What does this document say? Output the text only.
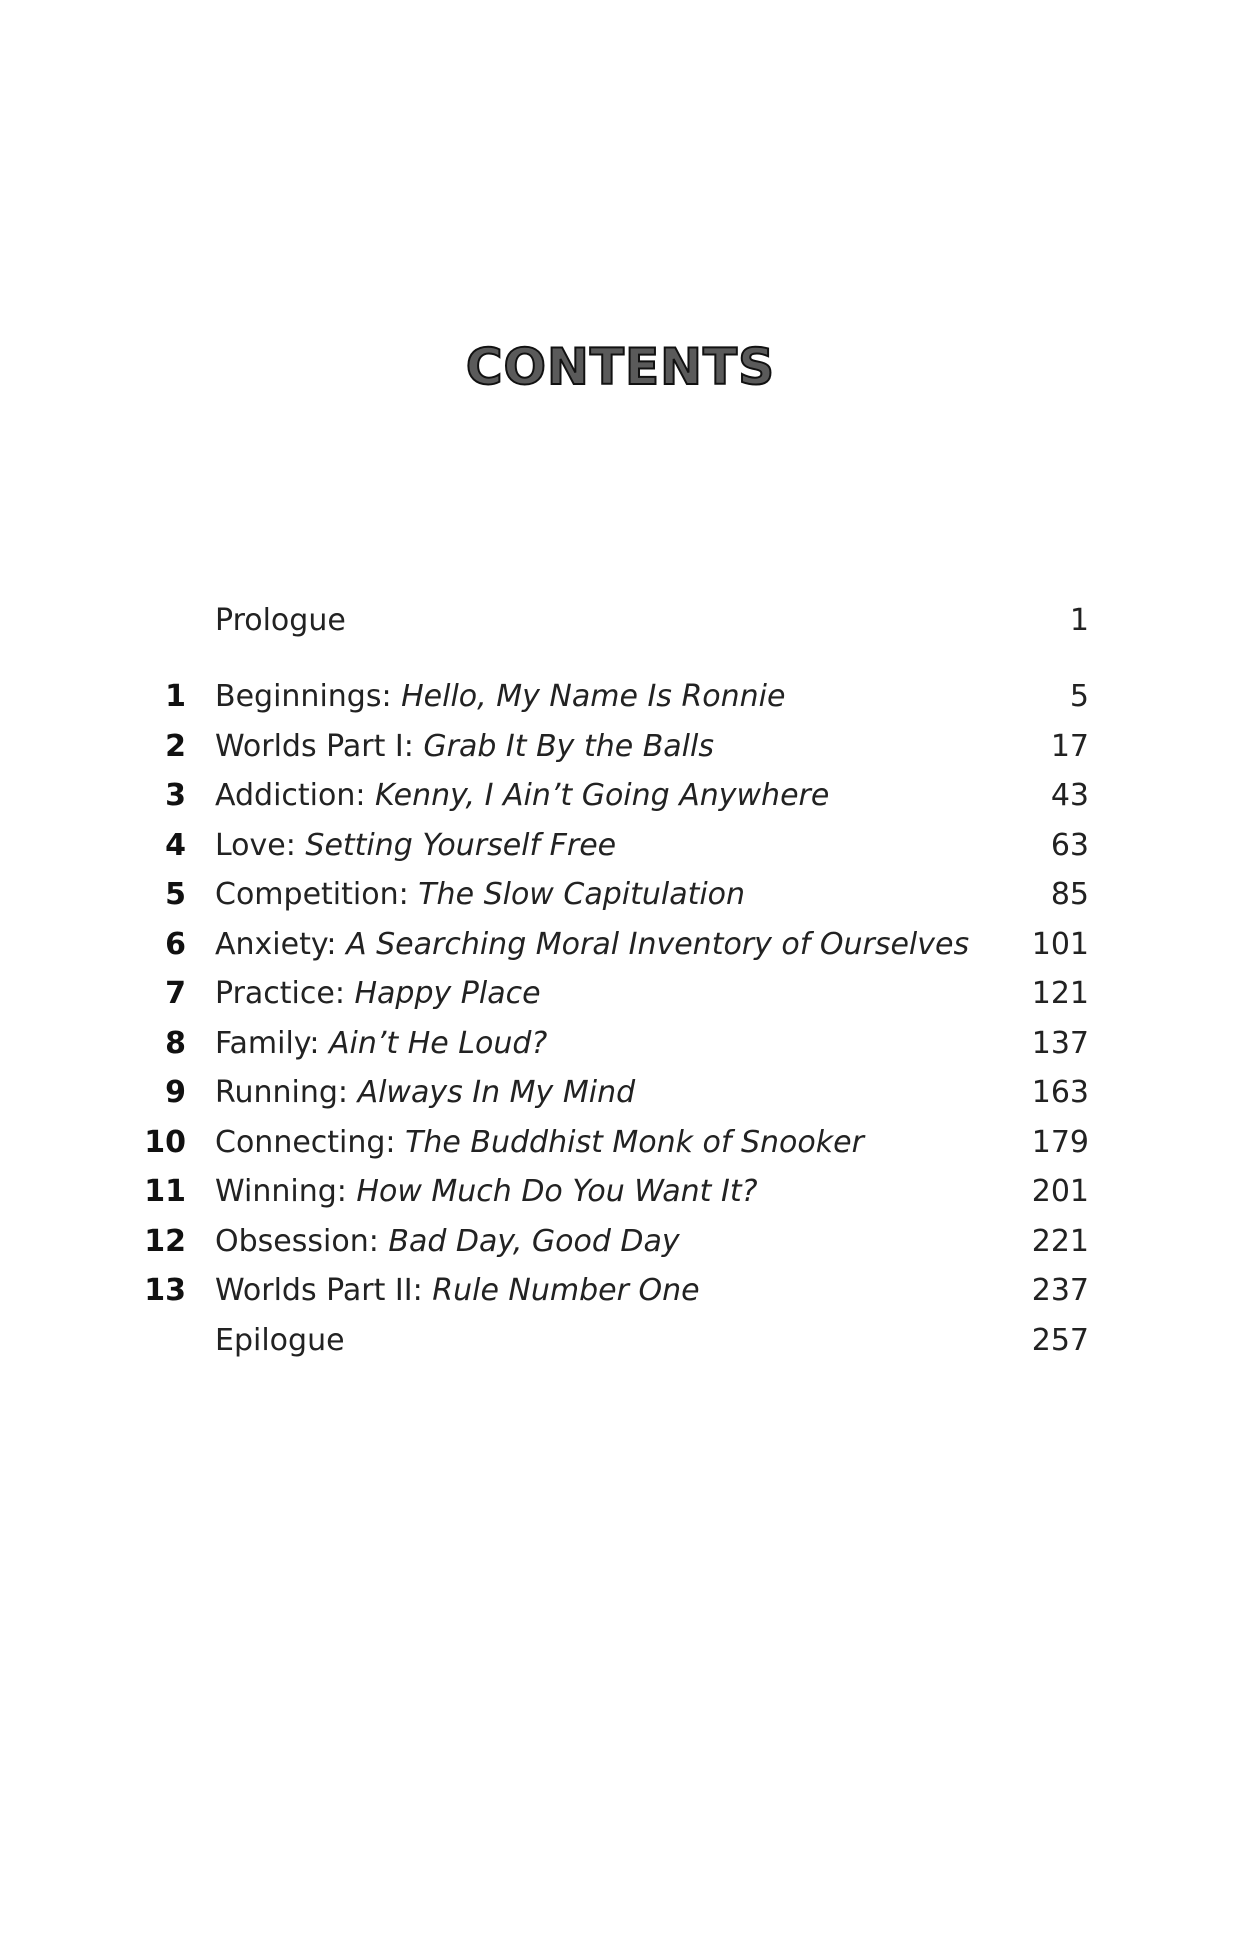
CONTENTS
Prologue	1
1 Beginnings: Hello, My Name Is Ronnie	5
2 Worlds Part I: Grab It By the Balls	17
3 Addiction: Kenny, I Ain’t Going Anywhere	43
4 Love: Setting Yourself Free	63
5 Competition: The Slow Capitulation	85
6 Anxiety: A Searching Moral Inventory of Ourselves 101
7 Practice: Happy Place	121
8 Family: Ain’t He Loud?	137
9 Running: Always In My Mind	163
10 Connecting: The Buddhist Monk of Snooker	179
11 Winning: How Much Do You Want It?	201
12 Obsession: Bad Day, Good Day	221
13 Worlds Part II: Rule Number One	237
Epilogue	257
